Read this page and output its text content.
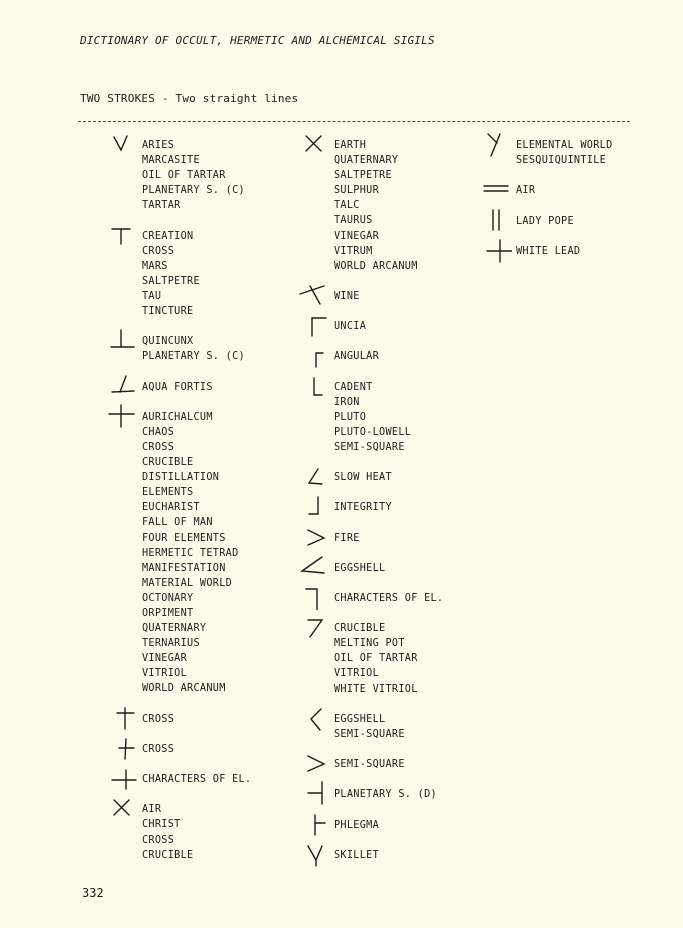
DICTIONARY OF OCCULT, HERMETIC AND ALCHEMICAL SIGILS
TWO STROKES - Two straight lines
ARIES
MARCASITE
OIL OF TARTAR
PLANETARY S. (C)
TARTAR
CREATION
CROSS
MARS
SALTPETRE
TAU
TINCTURE
QUINCUNX
PLANETARY S. (C)
AQUA FORTIS
AURICHALCUM
CHAOS
CROSS
CRUCIBLE
DISTILLATION
ELEMENTS
EUCHARIST
FALL OF MAN
FOUR ELEMENTS
HERMETIC TETRAD
MANIFESTATION
MATERIAL WORLD
OCTONARY
ORPIMENT
QUATERNARY
TERNARIUS
VINEGAR
VITRIOL
WORLD ARCANUM
CROSS
CROSS
CHARACTERS OF EL.
AIR
CHRIST
CROSS
CRUCIBLE
EARTH
QUATERNARY
SALTPETRE
SULPHUR
TALC
TAURUS
VINEGAR
VITRUM
WORLD ARCANUM
WINE
UNCIA
ANGULAR
CADENT
IRON
PLUTO
PLUTO-LOWELL
SEMI-SQUARE
SLOW HEAT
INTEGRITY
FIRE
EGGSHELL
CHARACTERS OF EL.
CRUCIBLE
MELTING POT
OIL OF TARTAR
VITRIOL
WHITE VITRIOL
EGGSHELL
SEMI-SQUARE
SEMI-SQUARE
PLANETARY S. (D)
PHLEGMA
SKILLET
ELEMENTAL WORLD
SESQUIQUINTILE
AIR
LADY POPE
WHITE LEAD
332
